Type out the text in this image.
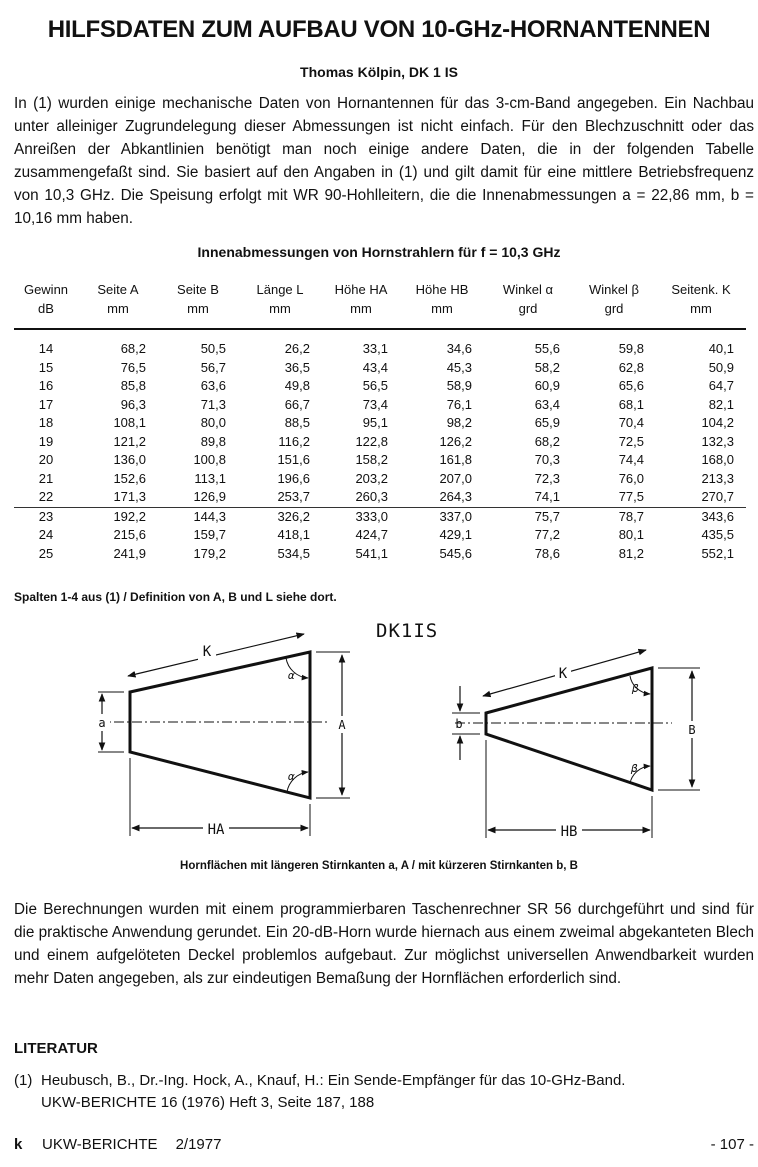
HILFSDATEN ZUM AUFBAU VON 10-GHz-HORNANTENNEN
Thomas Kölpin, DK 1 IS
In (1) wurden einige mechanische Daten von Hornantennen für das 3-cm-Band angegeben. Ein Nachbau unter alleiniger Zugrundelegung dieser Abmessungen ist nicht einfach. Für den Blechzuschnitt oder das Anreißen der Abkantlinien benötigt man noch einige andere Daten, die in der folgenden Tabelle zusammengefaßt sind. Sie basiert auf den Angaben in (1) und gilt damit für eine mittlere Betriebsfrequenz von 10,3 GHz. Die Speisung erfolgt mit WR 90-Hohlleitern, die die Innenabmessungen a = 22,86 mm, b = 10,16 mm haben.
Innenabmessungen von Hornstrahlern für f = 10,3 GHz
Gewinn	Seite A	Seite B	Länge L	Höhe HA	Höhe HB	Winkel α	Winkel β	Seitenk. K
dB	mm	mm	mm	mm	mm	grd	grd	mm

14	68,2	50,5	26,2	33,1	34,6	55,6	59,8	40,1
15	76,5	56,7	36,5	43,4	45,3	58,2	62,8	50,9
16	85,8	63,6	49,8	56,5	58,9	60,9	65,6	64,7
17	96,3	71,3	66,7	73,4	76,1	63,4	68,1	82,1
18	108,1	80,0	88,5	95,1	98,2	65,9	70,4	104,2
19	121,2	89,8	116,2	122,8	126,2	68,2	72,5	132,3
20	136,0	100,8	151,6	158,2	161,8	70,3	74,4	168,0
21	152,6	113,1	196,6	203,2	207,0	72,3	76,0	213,3
22	171,3	126,9	253,7	260,3	264,3	74,1	77,5	270,7
23	192,2	144,3	326,2	333,0	337,0	75,7	78,7	343,6
24	215,6	159,7	418,1	424,7	429,1	77,2	80,1	435,5
25	241,9	179,2	534,5	541,1	545,6	78,6	81,2	552,1
Spalten 1-4 aus (1) / Definition von A, B und L siehe dort.
DK1IS
K
α
α
a	A
HA
K
β
β
b	B
HB
Hornflächen mit längeren Stirnkanten a, A / mit kürzeren Stirnkanten b, B
Die Berechnungen wurden mit einem programmierbaren Taschenrechner SR 56 durchgeführt und sind für die praktische Anwendung gerundet. Ein 20-dB-Horn wurde hiernach aus einem zweimal abgekanteten Blech und einem aufgelöteten Deckel problemlos aufgebaut. Zur möglichst universellen Anwendbarkeit wurden mehr Daten angegeben, als zur eindeutigen Bemaßung der Hornflächen erforderlich sind.
LITERATUR
(1) Heubusch, B., Dr.-Ing. Hock, A., Knauf, H.: Ein Sende-Empfänger für das 10-GHz-Band.
UKW-BERICHTE 16 (1976) Heft 3, Seite 187, 188
k UKW-BERICHTE 2/1977	- 107 -
